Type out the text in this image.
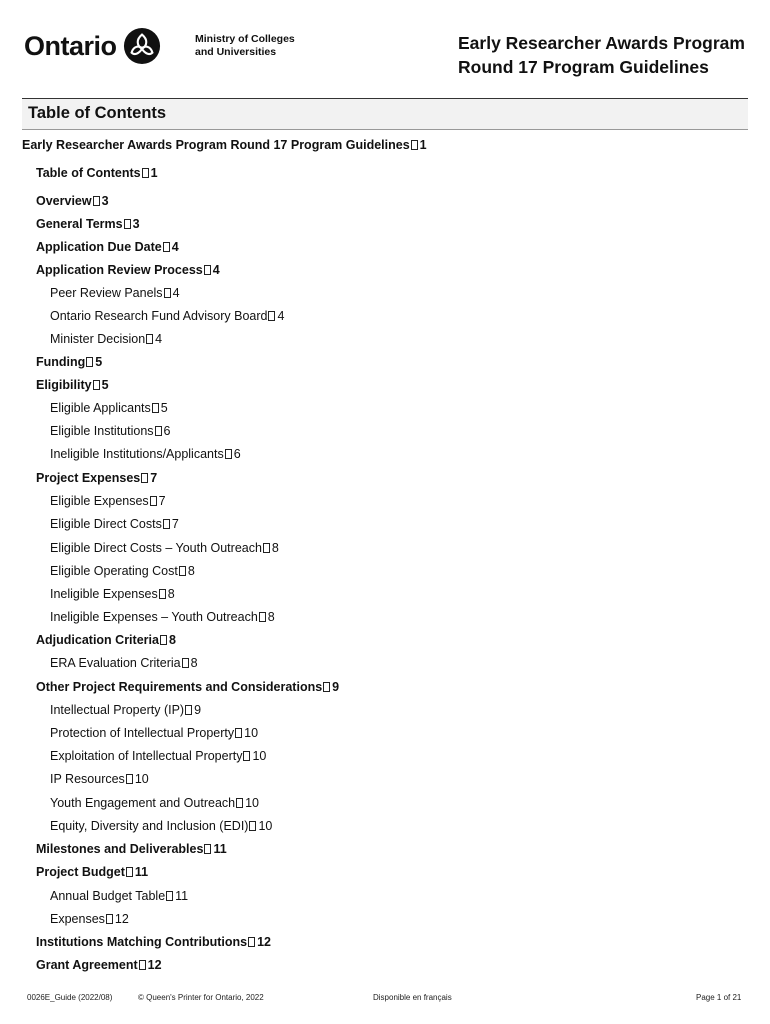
Ontario	Ministry of Colleges
and Universities	Early Researcher Awards Program
Round 17 Program Guidelines
Table of Contents
Early Researcher Awards Program Round 17 Program Guidelines 1
Table of Contents 1
Overview 3
General Terms 3
Application Due Date 4
Application Review Process 4
Peer Review Panels 4
Ontario Research Fund Advisory Board 4
Minister Decision 4
Funding 5
Eligibility 5
Eligible Applicants 5
Eligible Institutions 6
Ineligible Institutions/Applicants 6
Project Expenses 7
Eligible Expenses 7
Eligible Direct Costs 7
Eligible Direct Costs – Youth Outreach 8
Eligible Operating Cost 8
Ineligible Expenses 8
Ineligible Expenses – Youth Outreach 8
Adjudication Criteria 8
ERA Evaluation Criteria 8
Other Project Requirements and Considerations 9
Intellectual Property (IP) 9
Protection of Intellectual Property 10
Exploitation of Intellectual Property 10
IP Resources 10
Youth Engagement and Outreach 10
Equity, Diversity and Inclusion (EDI) 10
Milestones and Deliverables 11
Project Budget 11
Annual Budget Table 11
Expenses 12
Institutions Matching Contributions 12
Grant Agreement 12
0026E_Guide (2022/08)	© Queen's Printer for Ontario, 2022	Disponible en français	Page 1 of 21
